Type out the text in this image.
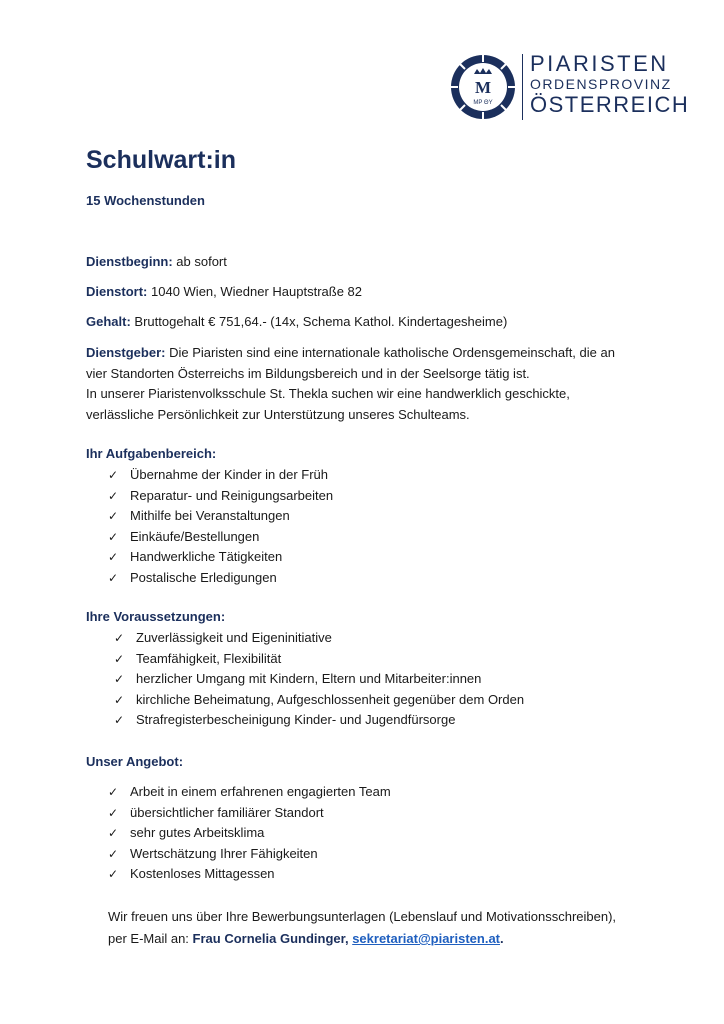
M
MP ΘY
PIARISTEN
ORDENSPROVINZ
ÖSTERREICH
Schulwart:in
15 Wochenstunden
Dienstbeginn: ab sofort
Dienstort: 1040 Wien, Wiedner Hauptstraße 82
Gehalt: Bruttogehalt € 751,64.- (14x, Schema Kathol. Kindertagesheime)
Dienstgeber: Die Piaristen sind eine internationale katholische Ordensgemeinschaft, die an
vier Standorten Österreichs im Bildungsbereich und in der Seelsorge tätig ist.
In unserer Piaristenvolksschule St. Thekla suchen wir eine handwerklich geschickte,
verlässliche Persönlichkeit zur Unterstützung unseres Schulteams.
Ihr Aufgabenbereich:
✓ Übernahme der Kinder in der Früh
✓ Reparatur- und Reinigungsarbeiten
✓ Mithilfe bei Veranstaltungen
✓ Einkäufe/Bestellungen
✓ Handwerkliche Tätigkeiten
✓ Postalische Erledigungen
Ihre Voraussetzungen:
✓ Zuverlässigkeit und Eigeninitiative
✓ Teamfähigkeit, Flexibilität
✓ herzlicher Umgang mit Kindern, Eltern und Mitarbeiter:innen
✓ kirchliche Beheimatung, Aufgeschlossenheit gegenüber dem Orden
✓ Strafregisterbescheinigung Kinder- und Jugendfürsorge
Unser Angebot:
✓ Arbeit in einem erfahrenen engagierten Team
✓ übersichtlicher familiärer Standort
✓ sehr gutes Arbeitsklima
✓ Wertschätzung Ihrer Fähigkeiten
✓ Kostenloses Mittagessen
Wir freuen uns über Ihre Bewerbungsunterlagen (Lebenslauf und Motivationsschreiben),
per E-Mail an: Frau Cornelia Gundinger, sekretariat@piaristen.at.
